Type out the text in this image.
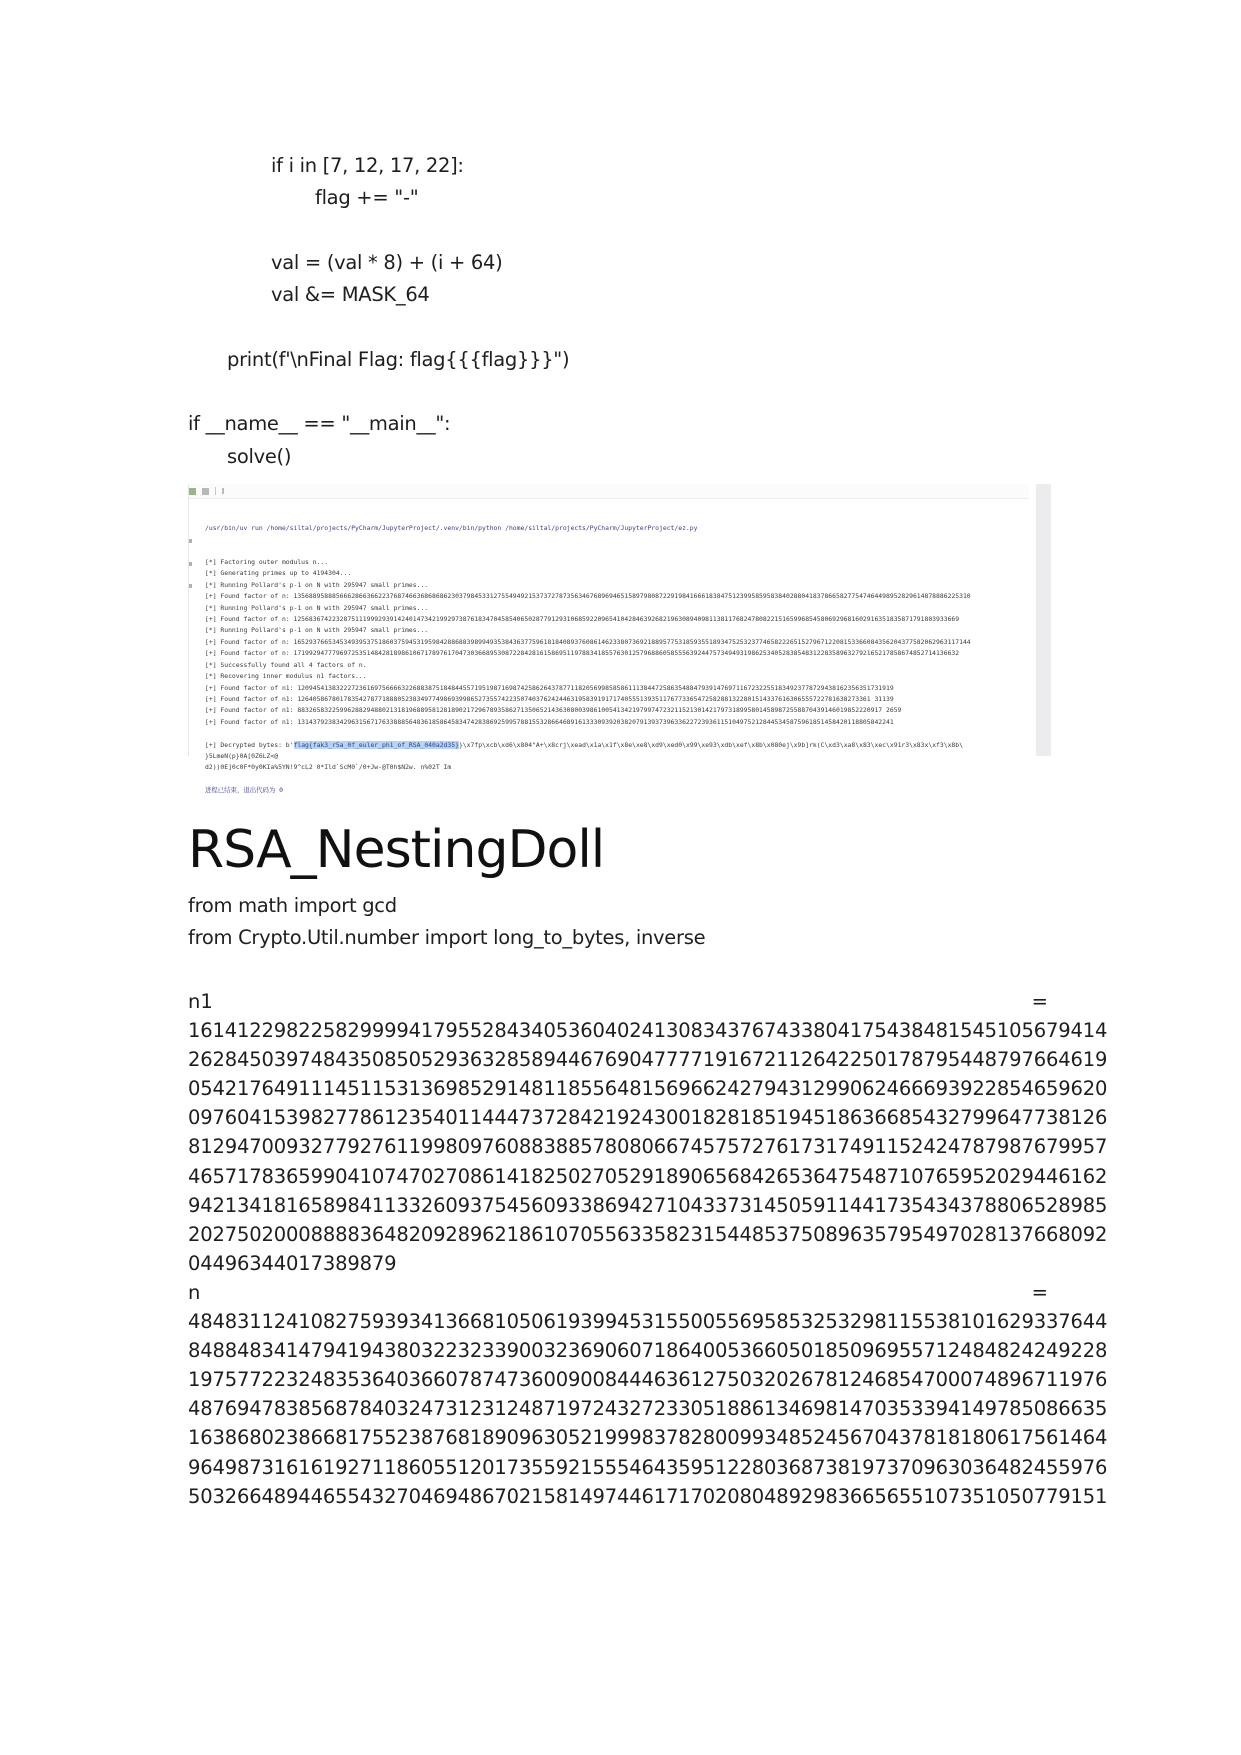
if i in [7, 12, 17, 22]:
flag += "-"
val = (val * 8) + (i + 64)
val &= MASK_64
print(f'\nFinal Flag: flag{{{flag}}}")
if __name__ == "__main__":
solve()

/usr/bin/uv run /home/siltal/projects/PyCharm/JupyterProject/.venv/bin/python /home/siltal/projects/PyCharm/JupyterProject/ez.py

[*] Factoring outer modulus n...
[*] Generating primes up to 4194304...
[*] Running Pollard's p-1 on N with 295947 small primes...
[+] Found factor of n: 13568895888566628663662237687466368686862303798453312755494921537372787356346768969465158979808722919841666183847512399585958384028804183786658277547464498952829614878886225310
[*] Running Pollard's p-1 on N with 295947 small primes...
[+] Found factor of n: 12568367422328751119992939142401473421992973876183470458540650287791293106859220965410428463926821963089409811381176824780822151659968545806929681602916351835871791803933669
[*] Running Pollard's p-1 on N with 295947 small primes...
[+] Found factor of n: 16529376653453493953751860375945319598428868839899493538436377596181840893760861462338073692188957753185935518934752532377465822265152796712208153366084356204377582062963117144
[+] Found factor of n: 17199294777969725351484281898610671789761704730366895308722842816158695119788341855763012579688605855563924475734949319862534052838548312283589632792165217858674852714136632
[*] Successfully found all 4 factors of n.
[*] Recovering inner modulus n1 factors...
[+] Found factor of n1: 12094541383222723616975666632268838751848445571951987169874258626437877118205699858586111384472586354884793914769711672322551834923778729438162356351731919
[+] Found factor of n1: 12640586780178354278771888052383497749869399865273557422350740376242446319583919171740555139351176773365472582881322801514337616306555722781638273361 31139
[+] Found factor of n1: 88326583225996288294880213181968895812818902172967893586271350652143630800398610054134219799747232115213014217973189958014589872558870439146019852220917 2659
[+] Found factor of n1: 13143792383429631567176338885648361858645834742838692599578815532866468916133309392038207913937396336227239361151049752128445345875961851458420118805842241
[+] Decrypted bytes: b'flag{fak3_r5a_0f_euler_ph1_of_RSA_040a2d35}}\x7fp\xcb\xd6\x804"A+\x8crj\xead\x1a\x1f\x8e\xe8\xd9\xed0\x99\xe93\xdb\xef\x8b\x080ej\x9b]rk(C\xd3\xa8\x83\xec\x91r3\x83x\xf3\x8b\
}5LmeN(p}0A[0Z6LZ<@
d2))0E]0c0F*0y0KIa%5YN!9^cL2 0*Ild`ScM0`/0+Jw-@T0h$N2w. n%02T Im
进程已结束，退出代码为 0
RSA_NestingDoll
from math import gcd
from Crypto.Util.number import long_to_bytes, inverse
n1	=
161412298225829999417955284340536040241308343767433804175438481545105679414
262845039748435085052936328589446769047777191672112642250178795448797664619
054217649111451153136985291481185564815696624279431299062466693922854659620
097604153982778612354011444737284219243001828185194518636685432799647738126
812947009327792761199809760883885780806674575727617317491152424787987679957
465717836599041074702708614182502705291890656842653647548710765952029446162
942134181658984113326093754560933869427104337314505911441735434378806528985
202750200088883648209289621861070556335823154485375089635795497028137668092
04496344017389879
n	=
484831124108275939341366810506193994531550055695853253298115538101629337644
848848341479419438032232339003236906071864005366050185096955712484824249228
197577223248353640366078747360090084446361275032026781246854700074896711976
487694783856878403247312312487197243272330518861346981470353394149785086635
163868023866817552387681890963052199983782800993485245670437818180617561464
964987316161927118605512017355921555464359512280368738197370963036482455976
503266489446554327046948670215814974461717020804892983665655107351050779151
